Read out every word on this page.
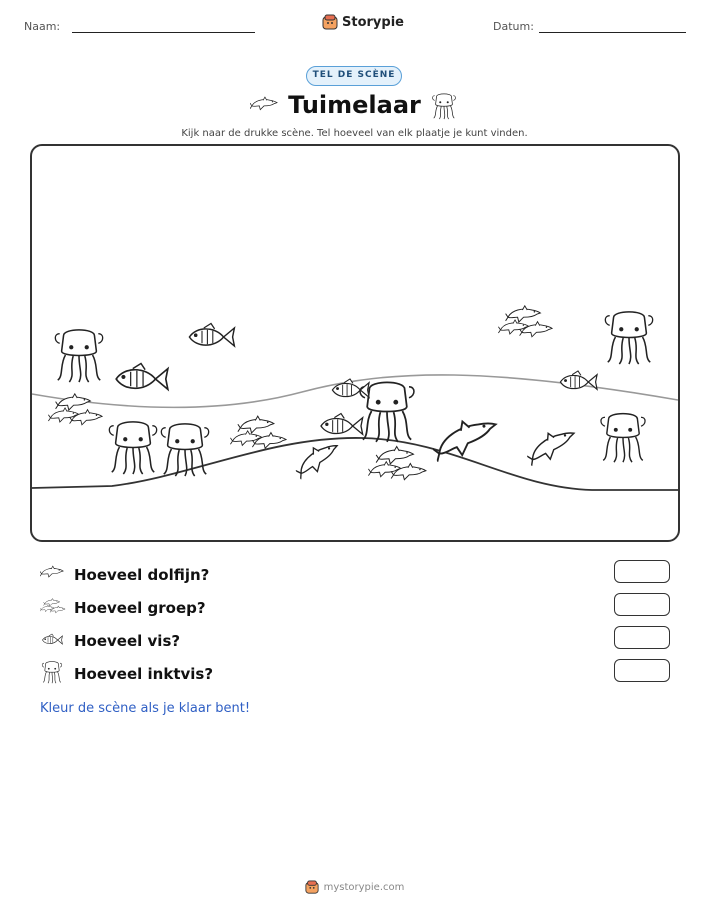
Naam:	Storypie	Datum:
TEL DE SCÈNE
Tuimelaar
Kijk naar de drukke scène. Tel hoeveel van elk plaatje je kunt vinden.
Hoeveel dolfijn?
Hoeveel groep?
Hoeveel vis?
Hoeveel inktvis?
Kleur de scène als je klaar bent!
mystorypie.com
